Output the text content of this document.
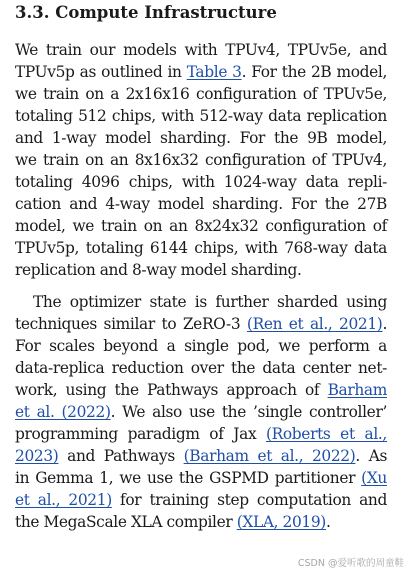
3.3. Compute Infrastructure

We train our models with TPUv4, TPUv5e, and

TPUv5p as outlined in Table 3. For the 2B model,

we train on a 2x16x16 configuration of TPUv5e,

totaling 512 chips, with 512-way data replication

and 1-way model sharding. For the 9B model,

we train on an 8x16x32 configuration of TPUv4,

totaling 4096 chips, with 1024-way data repli-

cation and 4-way model sharding. For the 27B

model, we train on an 8x24x32 configuration of

TPUv5p, totaling 6144 chips, with 768-way data

replication and 8-way model sharding.

The optimizer state is further sharded using

techniques similar to ZeRO-3 (Ren et al., 2021).

For scales beyond a single pod, we perform a

data-replica reduction over the data center net-

work, using the Pathways approach of Barham

et al. (2022). We also use the ’single controller’

programming paradigm of Jax (Roberts et al.,

2023) and Pathways (Barham et al., 2022). As

in Gemma 1, we use the GSPMD partitioner (Xu

et al., 2021) for training step computation and

the MegaScale XLA compiler (XLA, 2019).

CSDN @爱听歌的周童鞋
